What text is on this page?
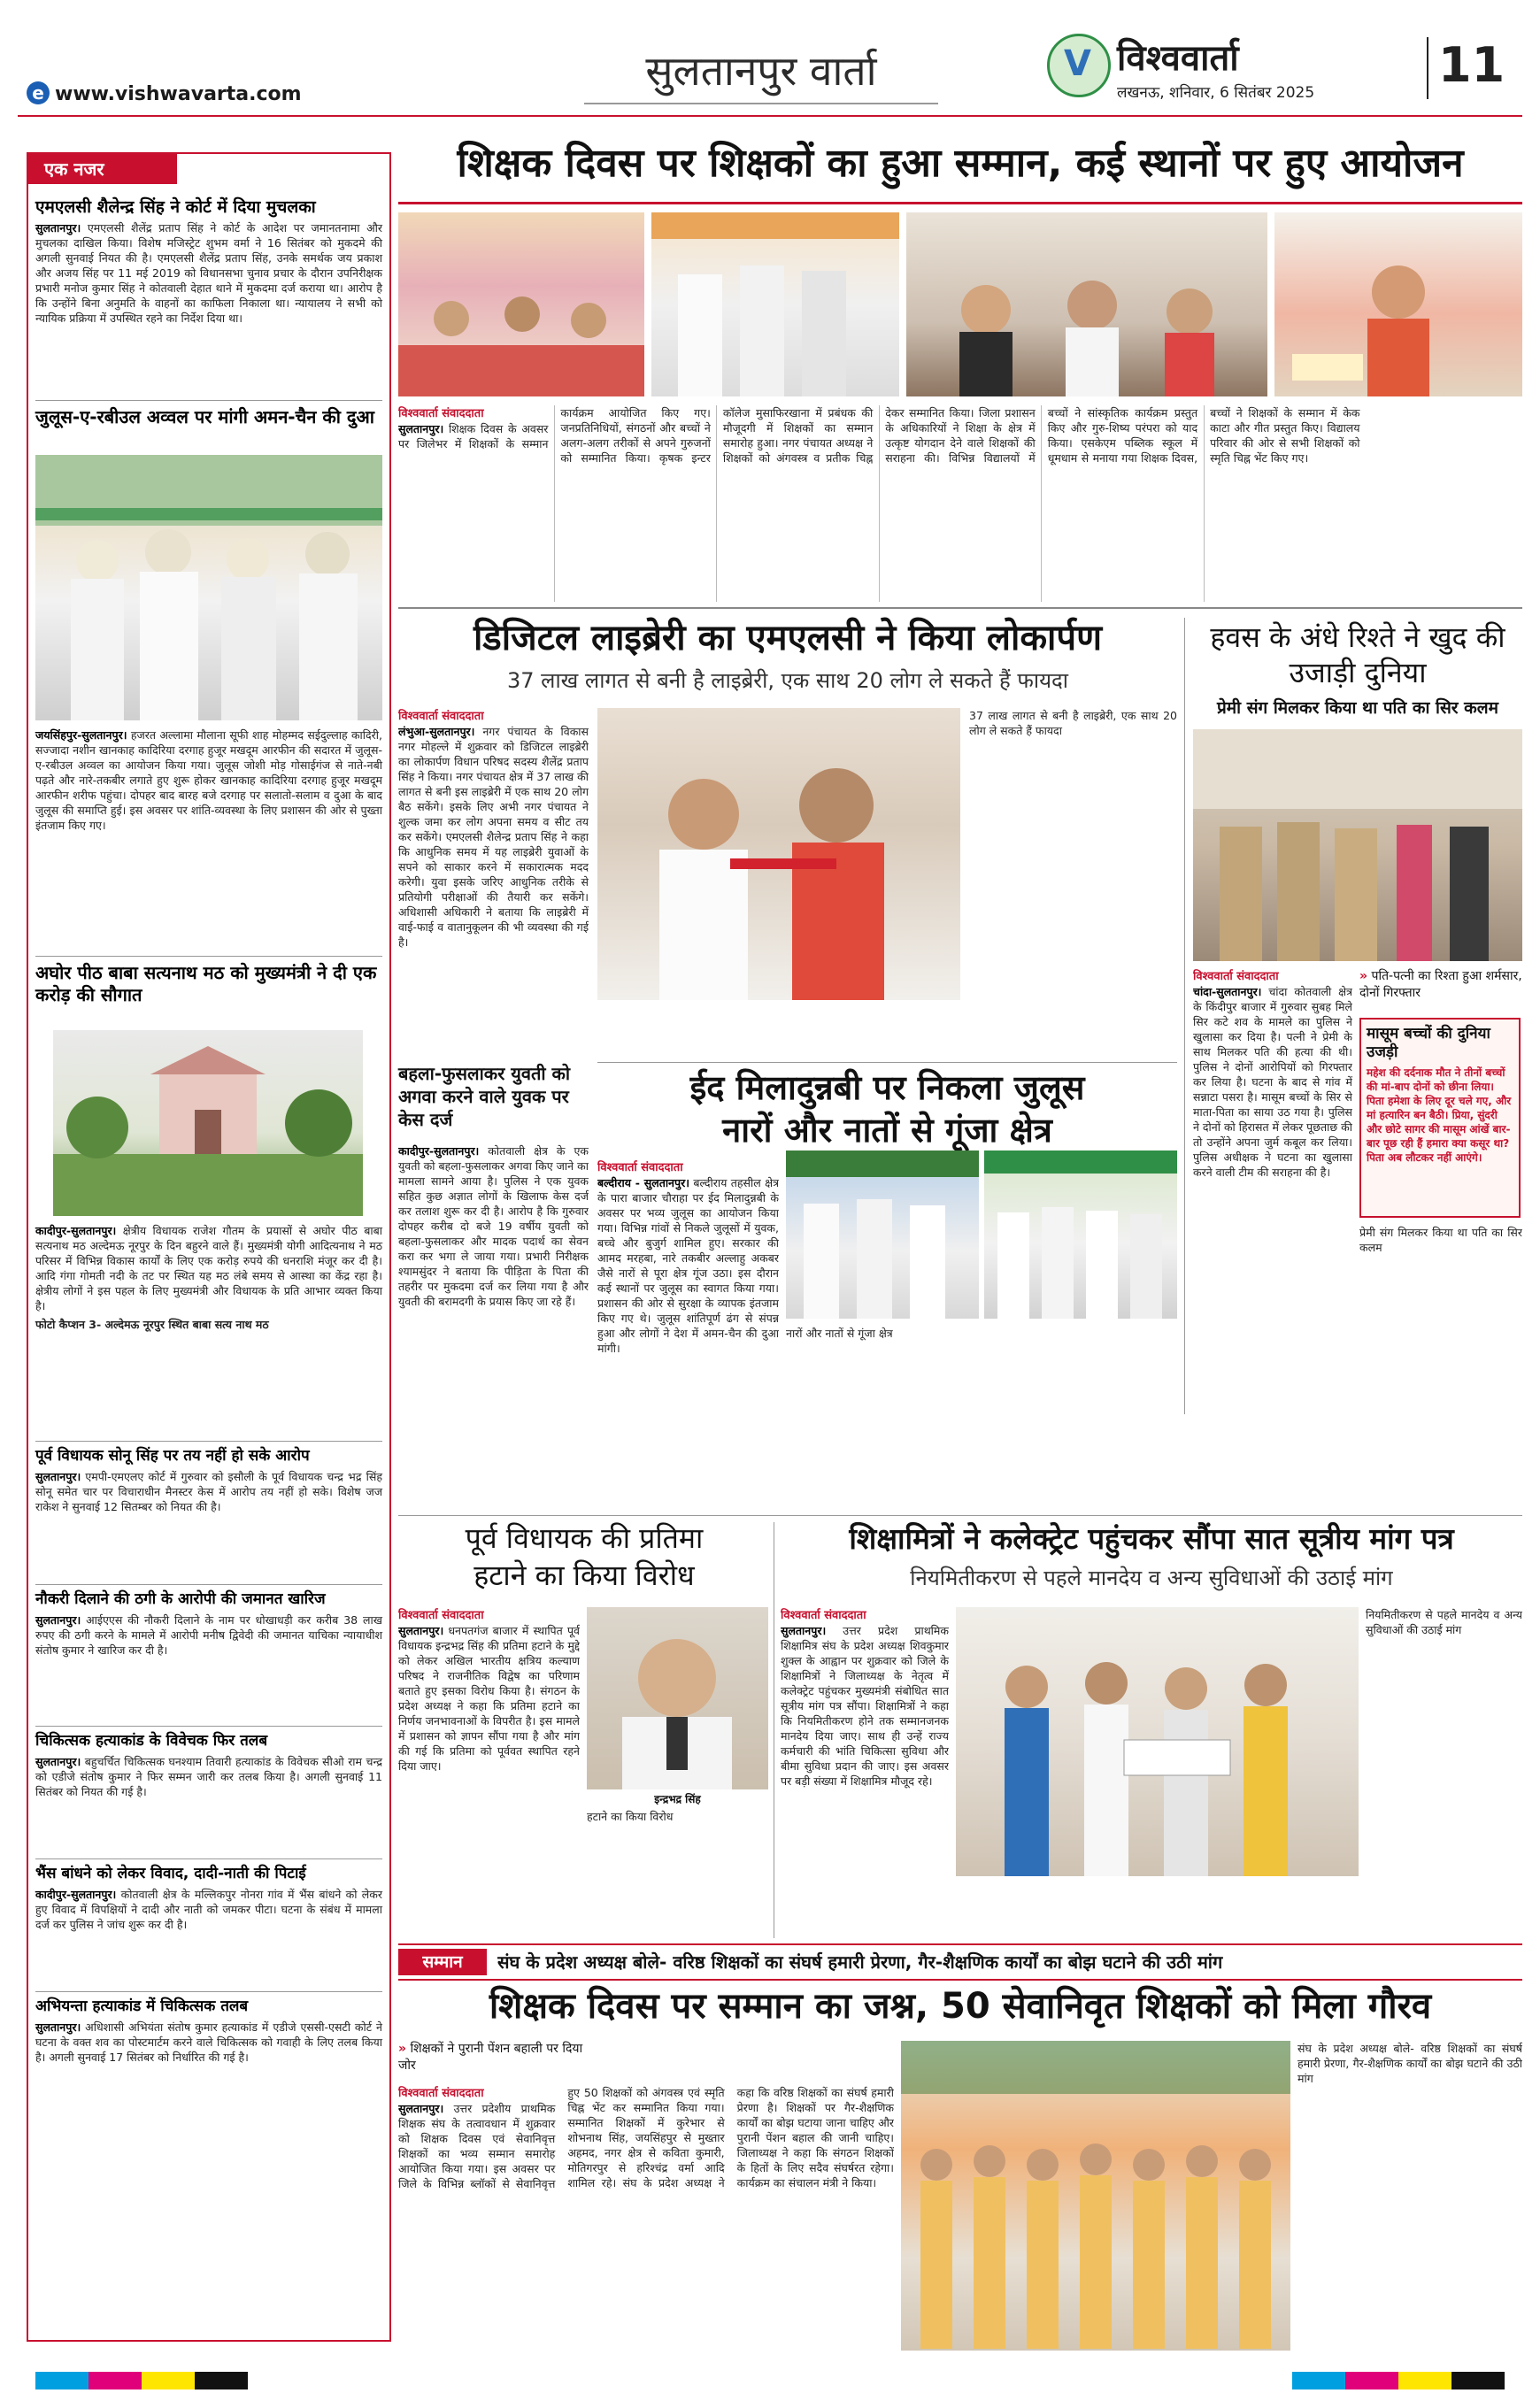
e www.vishwavarta.com	सुलतानपुर वार्ता	V विश्ववार्ता
लखनऊ, शनिवार, 6 सितंबर 2025	11
एक नजर
एमएलसी शैलेन्द्र सिंह ने कोर्ट में दिया मुचलका

सुलतानपुर। एमएलसी शैलेंद्र प्रताप सिंह ने कोर्ट के आदेश पर जमानतनामा और मुचलका दाखिल किया। विशेष मजिस्ट्रेट शुभम वर्मा ने 16 सितंबर को मुकदमे की अगली सुनवाई नियत की है। एमएलसी शैलेंद्र प्रताप सिंह, उनके समर्थक जय प्रकाश और अजय सिंह पर 11 मई 2019 को विधानसभा चुनाव प्रचार के दौरान उपनिरीक्षक प्रभारी मनोज कुमार सिंह ने कोतवाली देहात थाने में मुकदमा दर्ज कराया था। आरोप है कि उन्होंने बिना अनुमति के वाहनों का काफिला निकाला था। न्यायालय ने सभी को न्यायिक प्रक्रिया में उपस्थित रहने का निर्देश दिया था।

जुलूस-ए-रबीउल अव्वल पर मांगी अमन-चैन की दुआ

जयसिंहपुर-सुलतानपुर। हजरत अल्लामा मौलाना सूफी शाह मोहम्मद सईदुल्लाह कादिरी, सज्जादा नशीन खानकाह कादिरिया दरगाह हुजूर मखदूम आरफीन की सदारत में जुलूस-ए-रबीउल अव्वल का आयोजन किया गया। जुलूस जोशी मोड़ गोसाईगंज से नाते-नबी पढ़ते और नारे-तकबीर लगाते हुए शुरू होकर खानकाह कादिरिया दरगाह हुजूर मखदूम आरफीन शरीफ पहुंचा। दोपहर बाद बारह बजे दरगाह पर सलातो-सलाम व दुआ के बाद जुलूस की समाप्ति हुई। इस अवसर पर शांति-व्यवस्था के लिए प्रशासन की ओर से पुख्ता इंतजाम किए गए।

अघोर पीठ बाबा सत्यनाथ मठ को मुख्यमंत्री ने दी एक करोड़ की सौगात

कादीपुर-सुलतानपुर। क्षेत्रीय विधायक राजेश गौतम के प्रयासों से अघोर पीठ बाबा सत्यनाथ मठ अल्देमऊ नूरपुर के दिन बहुरने वाले हैं। मुख्यमंत्री योगी आदित्यनाथ ने मठ परिसर में विभिन्न विकास कार्यों के लिए एक करोड़ रुपये की धनराशि मंजूर कर दी है। आदि गंगा गोमती नदी के तट पर स्थित यह मठ लंबे समय से आस्था का केंद्र रहा है। क्षेत्रीय लोगों ने इस पहल के लिए मुख्यमंत्री और विधायक के प्रति आभार व्यक्त किया है।

फोटो कैप्शन 3- अल्देमऊ नूरपुर स्थित बाबा सत्य नाथ मठ

पूर्व विधायक सोनू सिंह पर तय नहीं हो सके आरोप

सुलतानपुर। एमपी-एमएलए कोर्ट में गुरुवार को इसौली के पूर्व विधायक चन्द्र भद्र सिंह सोनू समेत चार पर विचाराधीन मैनस्टर केस में आरोप तय नहीं हो सके। विशेष जज राकेश ने सुनवाई 12 सितम्बर को नियत की है।

नौकरी दिलाने की ठगी के आरोपी की जमानत खारिज

सुलतानपुर। आईएएस की नौकरी दिलाने के नाम पर धोखाधड़ी कर करीब 38 लाख रुपए की ठगी करने के मामले में आरोपी मनीष द्विवेदी की जमानत याचिका न्यायाधीश संतोष कुमार ने खारिज कर दी है।

चिकित्सक हत्याकांड के विवेचक फिर तलब

सुलतानपुर। बहुचर्चित चिकित्सक घनश्याम तिवारी हत्याकांड के विवेचक सीओ राम चन्द्र को एडीजे संतोष कुमार ने फिर सम्मन जारी कर तलब किया है। अगली सुनवाई 11 सितंबर को नियत की गई है।

भैंस बांधने को लेकर विवाद, दादी-नाती की पिटाई

कादीपुर-सुलतानपुर। कोतवाली क्षेत्र के मल्लिकपुर नोनरा गांव में भैंस बांधने को लेकर हुए विवाद में विपक्षियों ने दादी और नाती को जमकर पीटा। घटना के संबंध में मामला दर्ज कर पुलिस ने जांच शुरू कर दी है।

अभियन्ता हत्याकांड में चिकित्सक तलब

सुलतानपुर। अधिशासी अभियंता संतोष कुमार हत्याकांड में एडीजे एससी-एसटी कोर्ट ने घटना के वक्त शव का पोस्टमार्टम करने वाले चिकित्सक को गवाही के लिए तलब किया है। अगली सुनवाई 17 सितंबर को निर्धारित की गई है।

शिक्षक दिवस पर शिक्षकों का हुआ सम्मान, कई स्थानों पर हुए आयोजन
विश्ववार्ता संवाददाता
सुलतानपुर। शिक्षक दिवस के अवसर पर जिलेभर में शिक्षकों के सम्मान कार्यक्रम आयोजित किए गए। जनप्रतिनिधियों, संगठनों और बच्चों ने अलग-अलग तरीकों से अपने गुरुजनों को सम्मानित किया। कृषक इन्टर कॉलेज मुसाफिरखाना में प्रबंधक की मौजूदगी में शिक्षकों का सम्मान समारोह हुआ। नगर पंचायत अध्यक्ष ने शिक्षकों को अंगवस्त्र व प्रतीक चिह्न देकर सम्मानित किया। जिला प्रशासन के अधिकारियों ने शिक्षा के क्षेत्र में उत्कृष्ट योगदान देने वाले शिक्षकों की सराहना की। विभिन्न विद्यालयों में बच्चों ने सांस्कृतिक कार्यक्रम प्रस्तुत किए और गुरु-शिष्य परंपरा को याद किया। एसकेएम पब्लिक स्कूल में धूमधाम से मनाया गया शिक्षक दिवस, बच्चों ने शिक्षकों के सम्मान में केक काटा और गीत प्रस्तुत किए। विद्यालय परिवार की ओर से सभी शिक्षकों को स्मृति चिह्न भेंट किए गए।
डिजिटल लाइब्रेरी का एमएलसी ने किया लोकार्पण
37 लाख लागत से बनी है लाइब्रेरी, एक साथ 20 लोग ले सकते हैं फायदा
विश्ववार्ता संवाददाता
लंभुआ-सुलतानपुर। नगर पंचायत के विकास नगर मोहल्ले में शुक्रवार को डिजिटल लाइब्रेरी का लोकार्पण विधान परिषद सदस्य शैलेंद्र प्रताप सिंह ने किया। नगर पंचायत क्षेत्र में 37 लाख की लागत से बनी इस लाइब्रेरी में एक साथ 20 लोग बैठ सकेंगे। इसके लिए अभी नगर पंचायत ने शुल्क जमा कर लोग अपना समय व सीट तय कर सकेंगे। एमएलसी शैलेन्द्र प्रताप सिंह ने कहा कि आधुनिक समय में यह लाइब्रेरी युवाओं के सपने को साकार करने में सकारात्मक मदद करेगी। युवा इसके जरिए आधुनिक तरीके से प्रतियोगी परीक्षाओं की तैयारी कर सकेंगे। अधिशासी अधिकारी ने बताया कि लाइब्रेरी में वाई-फाई व वातानुकूलन की भी व्यवस्था की गई है।
37 लाख लागत से बनी है लाइब्रेरी, एक साथ 20 लोग ले सकते हैं फायदा
बहला-फुसलाकर युवती को अगवा करने वाले युवक पर केस दर्ज
कादीपुर-सुलतानपुर। कोतवाली क्षेत्र के एक युवती को बहला-फुसलाकर अगवा किए जाने का मामला सामने आया है। पुलिस ने एक युवक सहित कुछ अज्ञात लोगों के खिलाफ केस दर्ज कर तलाश शुरू कर दी है। आरोप है कि गुरुवार दोपहर करीब दो बजे 19 वर्षीय युवती को बहला-फुसलाकर और मादक पदार्थ का सेवन करा कर भगा ले जाया गया। प्रभारी निरीक्षक श्यामसुंदर ने बताया कि पीड़िता के पिता की तहरीर पर मुकदमा दर्ज कर लिया गया है और युवती की बरामदगी के प्रयास किए जा रहे हैं।
हवस के अंधे रिश्ते ने खुद की उजाड़ी दुनिया
प्रेमी संग मिलकर किया था पति का सिर कलम
विश्ववार्ता संवाददाता
चांदा-सुलतानपुर। चांदा कोतवाली क्षेत्र के किंदीपुर बाजार में गुरुवार सुबह मिले सिर कटे शव के मामले का पुलिस ने खुलासा कर दिया है। पत्नी ने प्रेमी के साथ मिलकर पति की हत्या की थी। पुलिस ने दोनों आरोपियों को गिरफ्तार कर लिया है। घटना के बाद से गांव में सन्नाटा पसरा है। मासूम बच्चों के सिर से माता-पिता का साया उठ गया है। पुलिस ने दोनों को हिरासत में लेकर पूछताछ की तो उन्होंने अपना जुर्म कबूल कर लिया। पुलिस अधीक्षक ने घटना का खुलासा करने वाली टीम की सराहना की है।
» पति-पत्नी का रिश्ता हुआ शर्मसार, दोनों गिरफ्तार
मासूम बच्चों की दुनिया उजड़ी
महेश की दर्दनाक मौत ने तीनों बच्चों की मां-बाप दोनों को छीना लिया। पिता हमेशा के लिए दूर चले गए, और मां हत्यारिन बन बैठी। प्रिया, सुंदरी और छोटे सागर की मासूम आंखें बार-बार पूछ रही हैं हमारा क्या कसूर था? पिता अब लौटकर नहीं आएंगे।
प्रेमी संग मिलकर किया था पति का सिर कलम
ईद मिलादुन्नबी पर निकला जुलूस
नारों और नातों से गूंजा क्षेत्र
विश्ववार्ता संवाददाता
बल्दीराय - सुलतानपुर। बल्दीराय तहसील क्षेत्र के पारा बाजार चौराहा पर ईद मिलादुन्नबी के अवसर पर भव्य जुलूस का आयोजन किया गया। विभिन्न गांवों से निकले जुलूसों में युवक, बच्चे और बुजुर्ग शामिल हुए। सरकार की आमद मरहबा, नारे तकबीर अल्लाहु अकबर जैसे नारों से पूरा क्षेत्र गूंज उठा। इस दौरान कई स्थानों पर जुलूस का स्वागत किया गया। प्रशासन की ओर से सुरक्षा के व्यापक इंतजाम किए गए थे। जुलूस शांतिपूर्ण ढंग से संपन्न हुआ और लोगों ने देश में अमन-चैन की दुआ मांगी।
नारों और नातों से गूंजा क्षेत्र
पूर्व विधायक की प्रतिमा
हटाने का किया विरोध
विश्ववार्ता संवाददाता
सुलतानपुर। धनपतगंज बाजार में स्थापित पूर्व विधायक इन्द्रभद्र सिंह की प्रतिमा हटाने के मुद्दे को लेकर अखिल भारतीय क्षत्रिय कल्याण परिषद ने राजनीतिक विद्वेष का परिणाम बताते हुए इसका विरोध किया है। संगठन के प्रदेश अध्यक्ष ने कहा कि प्रतिमा हटाने का निर्णय जनभावनाओं के विपरीत है। इस मामले में प्रशासन को ज्ञापन सौंपा गया है और मांग की गई कि प्रतिमा को पूर्ववत स्थापित रहने दिया जाए।
इन्द्रभद्र सिंह
हटाने का किया विरोध
शिक्षामित्रों ने कलेक्ट्रेट पहुंचकर सौंपा सात सूत्रीय मांग पत्र
नियमितीकरण से पहले मानदेय व अन्य सुविधाओं की उठाई मांग
विश्ववार्ता संवाददाता
सुलतानपुर। उत्तर प्रदेश प्राथमिक शिक्षामित्र संघ के प्रदेश अध्यक्ष शिवकुमार शुक्ल के आह्वान पर शुक्रवार को जिले के शिक्षामित्रों ने जिलाध्यक्ष के नेतृत्व में कलेक्ट्रेट पहुंचकर मुख्यमंत्री संबोधित सात सूत्रीय मांग पत्र सौंपा। शिक्षामित्रों ने कहा कि नियमितीकरण होने तक सम्मानजनक मानदेय दिया जाए। साथ ही उन्हें राज्य कर्मचारी की भांति चिकित्सा सुविधा और बीमा सुविधा प्रदान की जाए। इस अवसर पर बड़ी संख्या में शिक्षामित्र मौजूद रहे।
नियमितीकरण से पहले मानदेय व अन्य सुविधाओं की उठाई मांग
सम्मान	संघ के प्रदेश अध्यक्ष बोले- वरिष्ठ शिक्षकों का संघर्ष हमारी प्रेरणा, गैर-शैक्षणिक कार्यों का बोझ घटाने की उठी मांग
शिक्षक दिवस पर सम्मान का जश्न, 50 सेवानिवृत शिक्षकों को मिला गौरव
» शिक्षकों ने पुरानी पेंशन बहाली पर दिया जोर
विश्ववार्ता संवाददाता
सुलतानपुर। उत्तर प्रदेशीय प्राथमिक शिक्षक संघ के तत्वावधान में शुक्रवार को शिक्षक दिवस एवं सेवानिवृत्त शिक्षकों का भव्य सम्मान समारोह आयोजित किया गया। इस अवसर पर जिले के विभिन्न ब्लॉकों से सेवानिवृत्त हुए 50 शिक्षकों को अंगवस्त्र एवं स्मृति चिह्न भेंट कर सम्मानित किया गया। सम्मानित शिक्षकों में कुरेभार से शोभनाथ सिंह, जयसिंहपुर से मुख्तार अहमद, नगर क्षेत्र से कविता कुमारी, मोतिगरपुर से हरिश्चंद्र वर्मा आदि शामिल रहे। संघ के प्रदेश अध्यक्ष ने कहा कि वरिष्ठ शिक्षकों का संघर्ष हमारी प्रेरणा है। शिक्षकों पर गैर-शैक्षणिक कार्यों का बोझ घटाया जाना चाहिए और पुरानी पेंशन बहाल की जानी चाहिए। जिलाध्यक्ष ने कहा कि संगठन शिक्षकों के हितों के लिए सदैव संघर्षरत रहेगा। कार्यक्रम का संचालन मंत्री ने किया।
संघ के प्रदेश अध्यक्ष बोले- वरिष्ठ शिक्षकों का संघर्ष हमारी प्रेरणा, गैर-शैक्षणिक कार्यों का बोझ घटाने की उठी मांग
